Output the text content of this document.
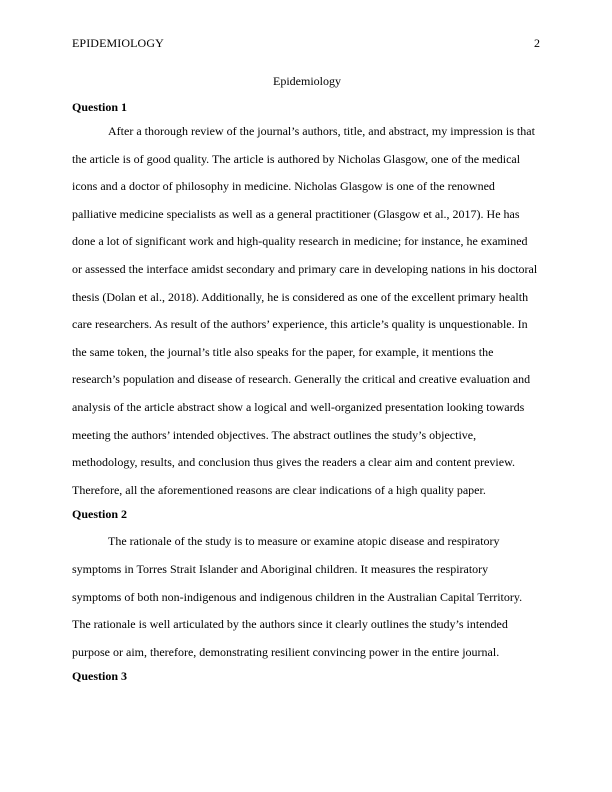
EPIDEMIOLOGY	2
Epidemiology
Question 1
After a thorough review of the journal’s authors, title, and abstract, my impression is that
the article is of good quality. The article is authored by Nicholas Glasgow, one of the medical
icons and a doctor of philosophy in medicine. Nicholas Glasgow is one of the renowned
palliative medicine specialists as well as a general practitioner (Glasgow et al., 2017). He has
done a lot of significant work and high-quality research in medicine; for instance, he examined
or assessed the interface amidst secondary and primary care in developing nations in his doctoral
thesis (Dolan et al., 2018). Additionally, he is considered as one of the excellent primary health
care researchers. As result of the authors’ experience, this article’s quality is unquestionable. In
the same token, the journal’s title also speaks for the paper, for example, it mentions the
research’s population and disease of research. Generally the critical and creative evaluation and
analysis of the article abstract show a logical and well-organized presentation looking towards
meeting the authors’ intended objectives. The abstract outlines the study’s objective,
methodology, results, and conclusion thus gives the readers a clear aim and content preview.
Therefore, all the aforementioned reasons are clear indications of a high quality paper.
Question 2
The rationale of the study is to measure or examine atopic disease and respiratory
symptoms in Torres Strait Islander and Aboriginal children. It measures the respiratory
symptoms of both non-indigenous and indigenous children in the Australian Capital Territory.
The rationale is well articulated by the authors since it clearly outlines the study’s intended
purpose or aim, therefore, demonstrating resilient convincing power in the entire journal.
Question 3
